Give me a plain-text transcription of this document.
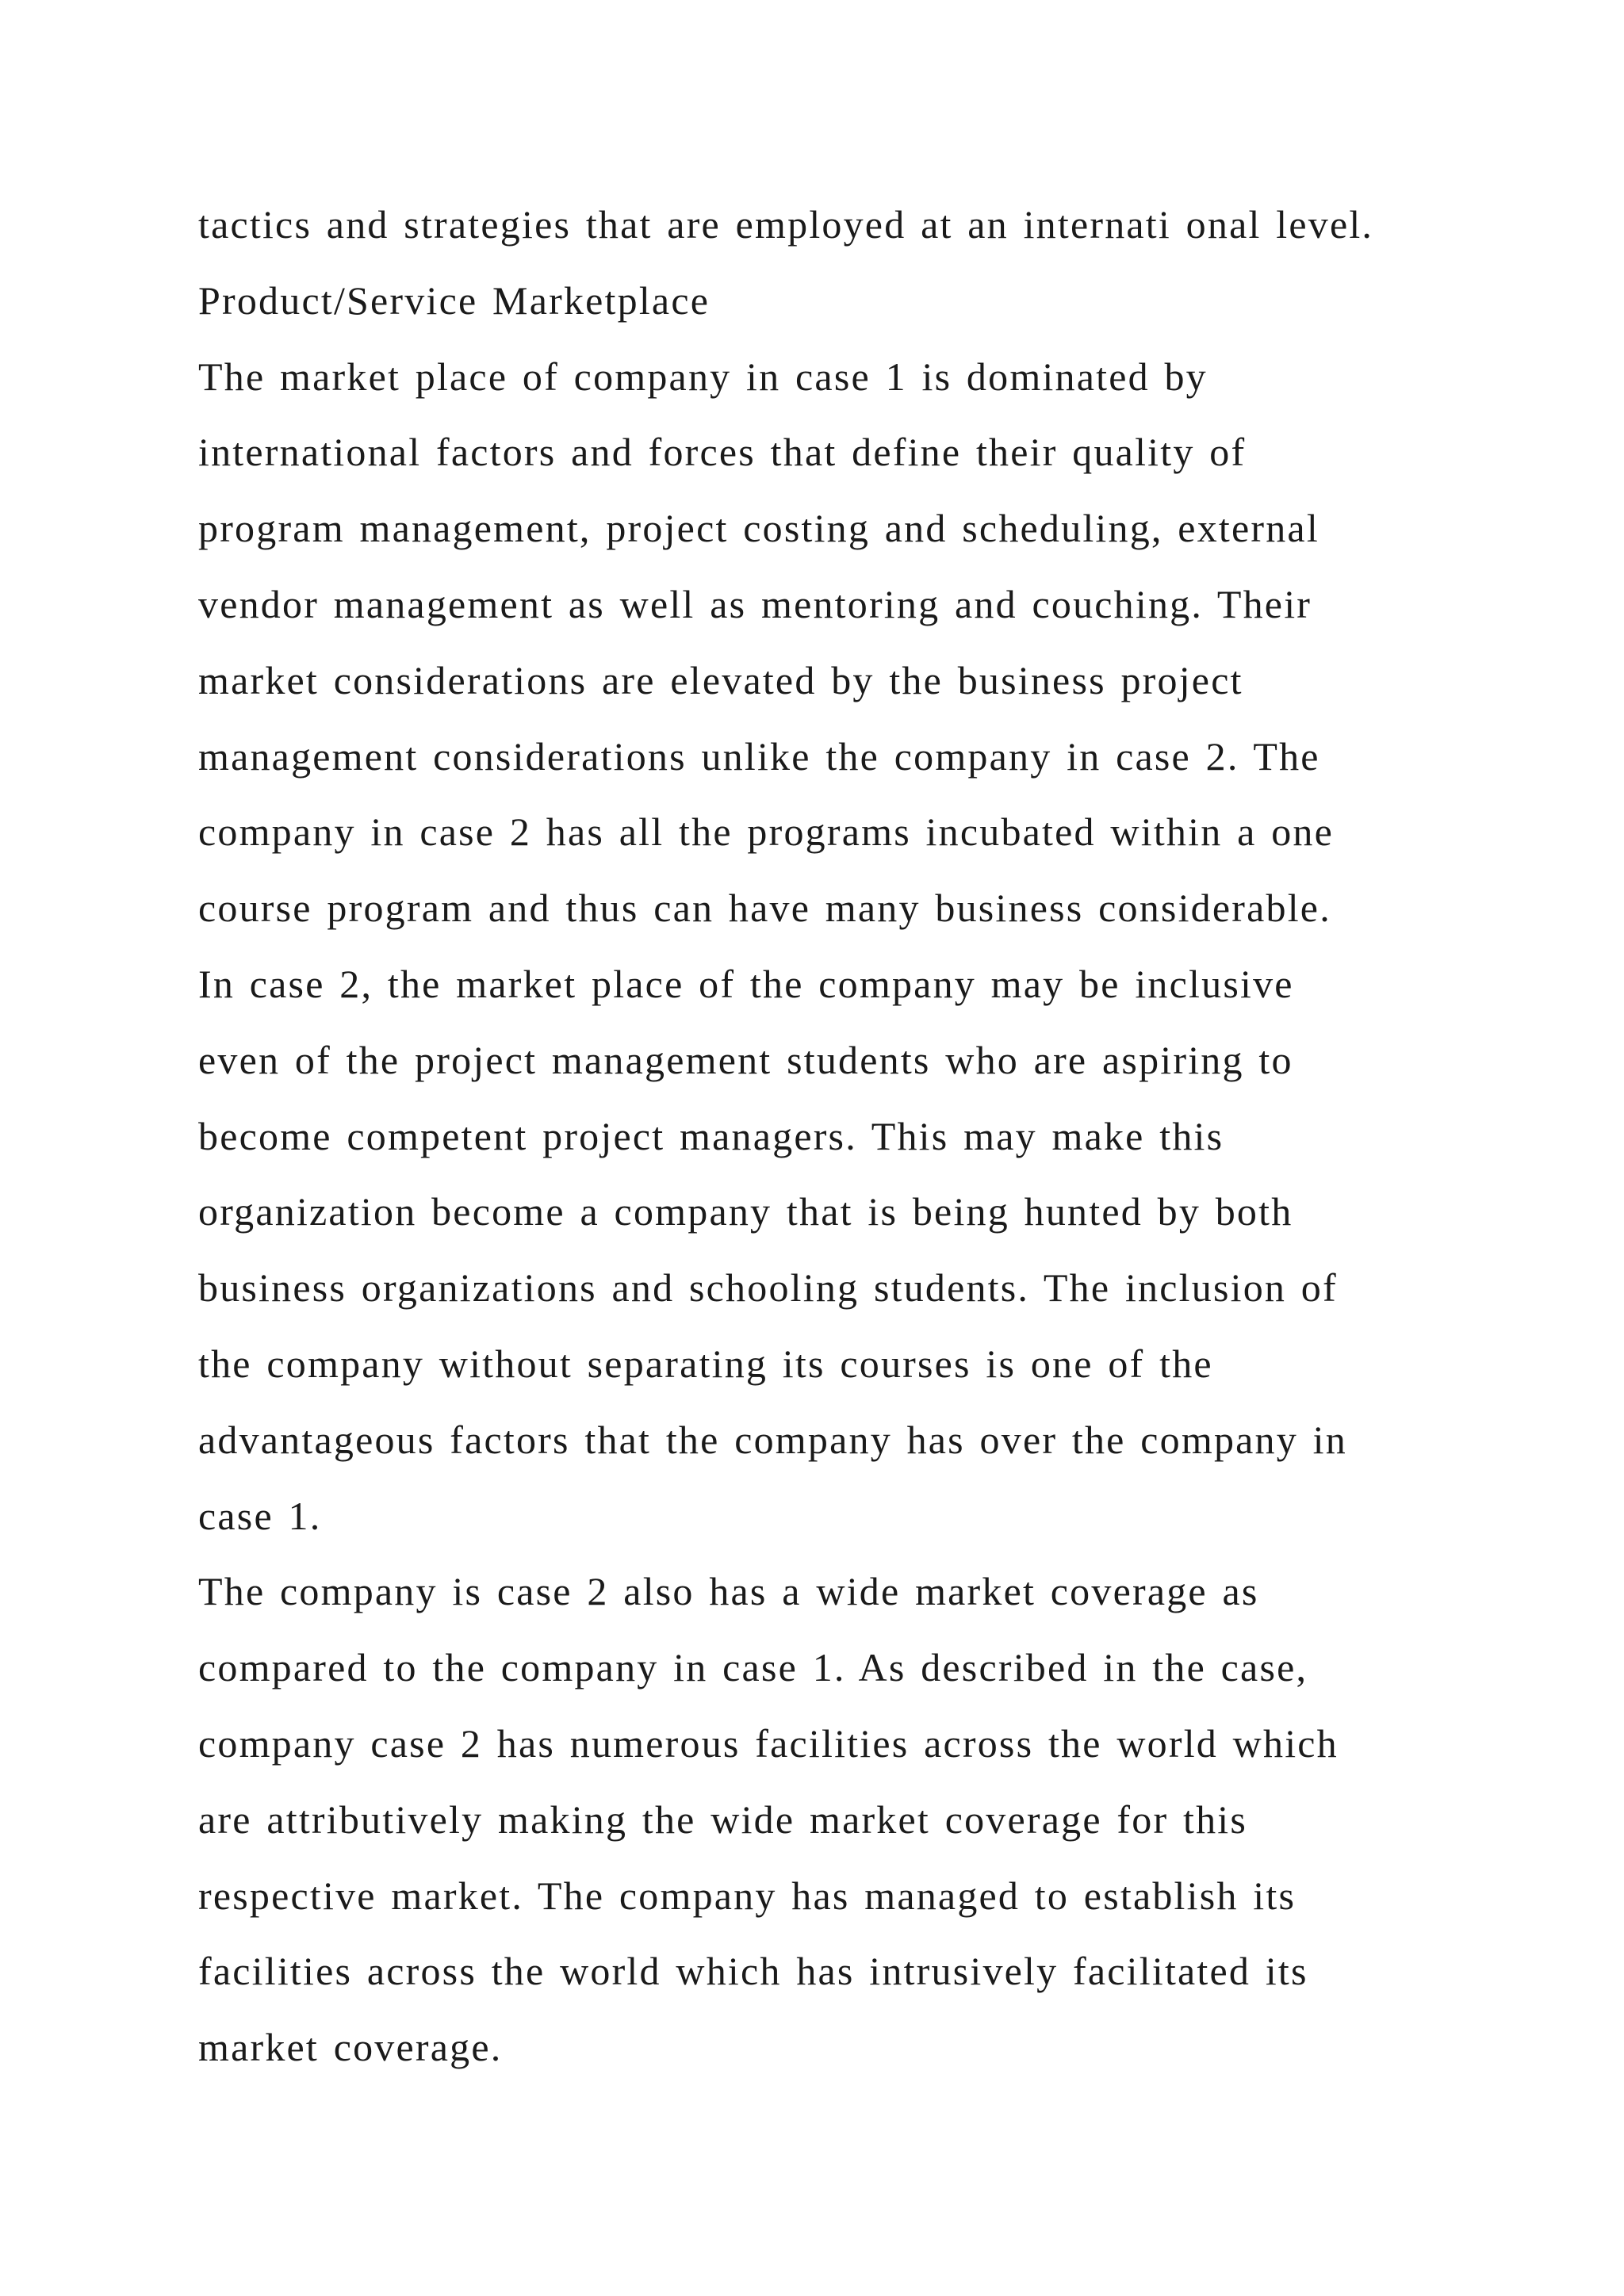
tactics and strategies that are employed at an internati onal level.
Product/Service Marketplace
The market place of company in case 1 is dominated by
international factors and forces that define their quality of
program management, project costing and scheduling, external
vendor management as well as mentoring and couching. Their
market considerations are elevated by the business project
management considerations unlike the company in case 2. The
company in case 2 has all the programs incubated within a one
course program and thus can have many business considerable.
In case 2, the market place of the company may be inclusive
even of the project management students who are aspiring to
become competent project managers. This may make this
organization become a company that is being hunted by both
business organizations and schooling students. The inclusion of
the company without separating its courses is one of the
advantageous factors that the company has over the company in
case 1.
The company is case 2 also has a wide market coverage as
compared to the company in case 1. As described in the case,
company case 2 has numerous facilities across the world which
are attributively making the wide market coverage for this
respective market. The company has managed to establish its
facilities across the world which has intrusively facilitated its
market coverage.
